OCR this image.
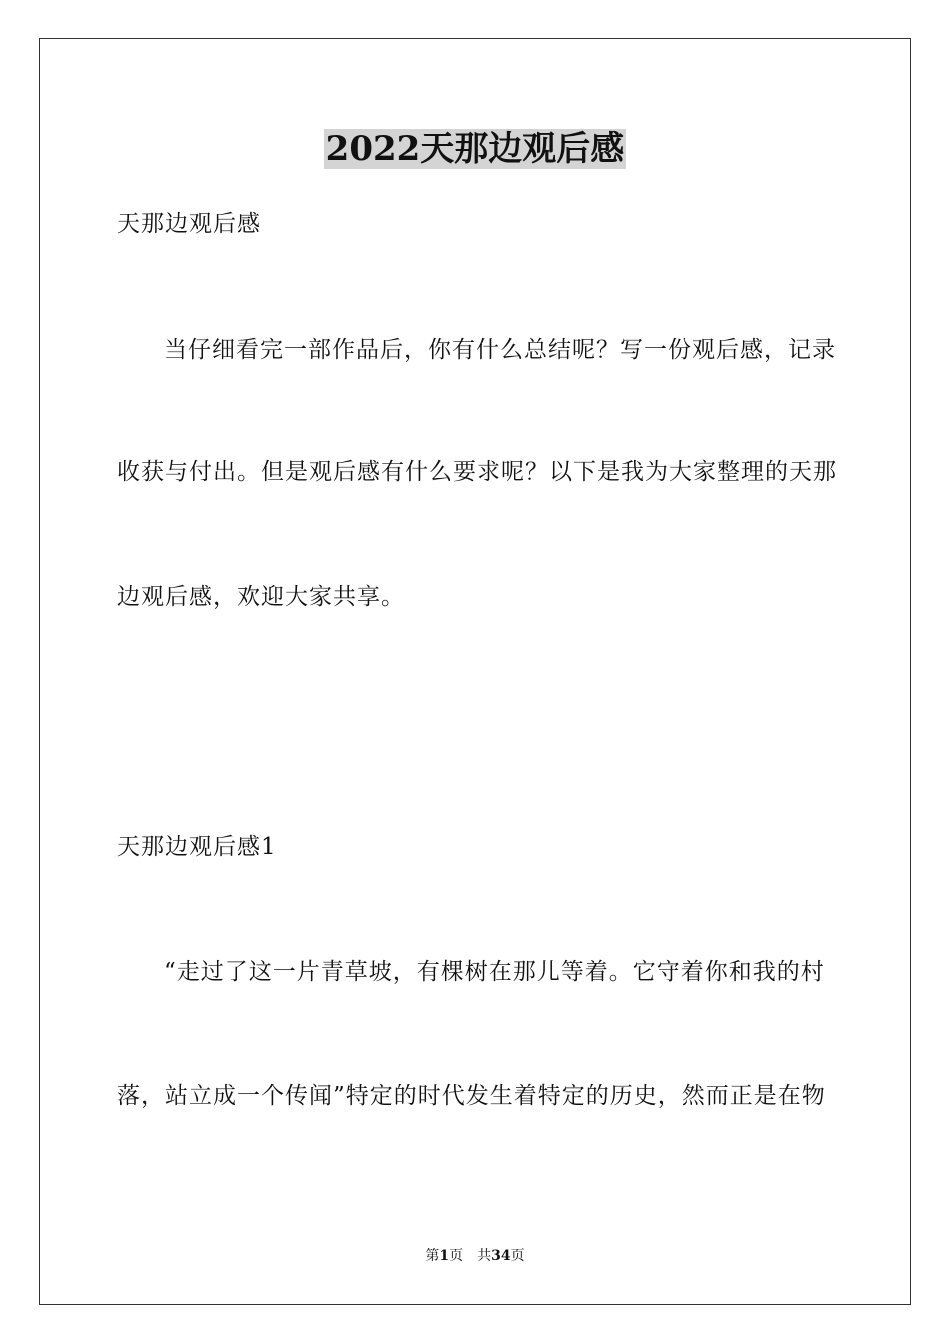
2022天那边观后感
天那边观后感
当仔细看完一部作品后，你有什么总结呢？写一份观后感，记录
收获与付出。但是观后感有什么要求呢？以下是我为大家整理的天那
边观后感，欢迎大家共享。
天那边观后感1
“走过了这一片青草坡，有棵树在那儿等着。它守着你和我的村
落，站立成一个传闻”特定的时代发生着特定的历史，然而正是在物
第1页 共34页
